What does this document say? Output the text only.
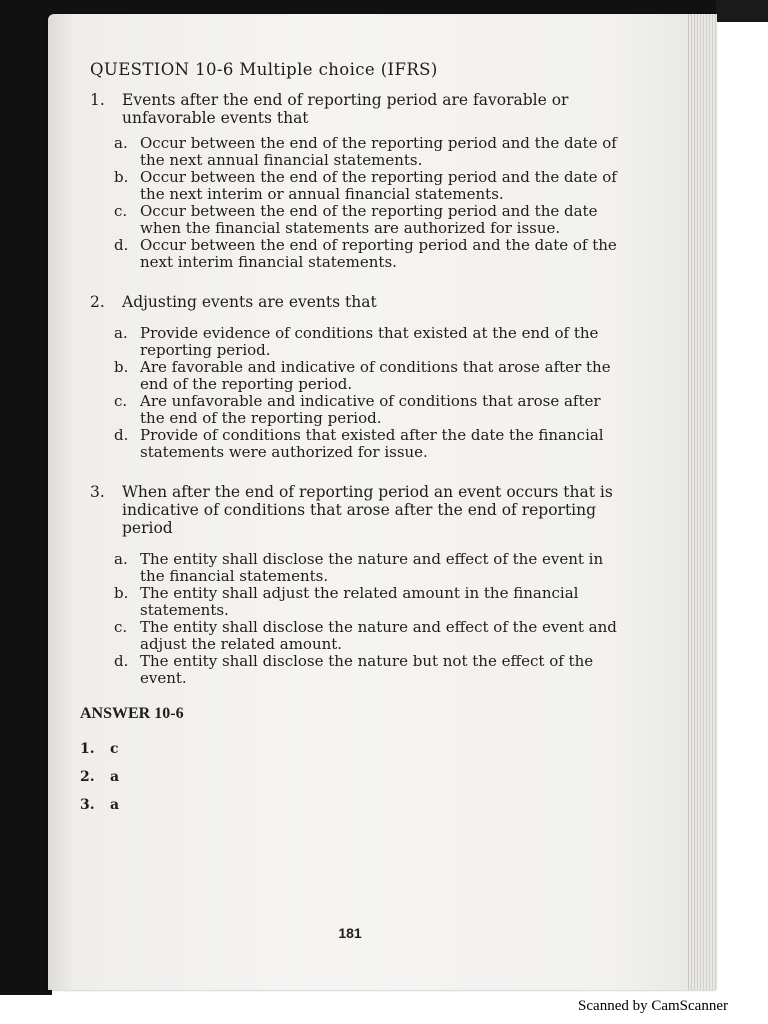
QUESTION 10-6 Multiple choice (IFRS)
1.	Events after the end of reporting period are favorable or unfavorable events that
a. Occur between the end of the reporting period and the date of the next annual financial statements.
b. Occur between the end of the reporting period and the date of the next interim or annual financial statements.
c. Occur between the end of the reporting period and the date when the financial statements are authorized for issue.
d. Occur between the end of reporting period and the date of the next interim financial statements.
2.	Adjusting events are events that
a. Provide evidence of conditions that existed at the end of the reporting period.
b. Are favorable and indicative of conditions that arose after the end of the reporting period.
c. Are unfavorable and indicative of conditions that arose after the end of the reporting period.
d. Provide of conditions that existed after the date the financial statements were authorized for issue.
3.	When after the end of reporting period an event occurs that is indicative of conditions that arose after the end of reporting period
a. The entity shall disclose the nature and effect of the event in the financial statements.
b. The entity shall adjust the related amount in the financial statements.
c. The entity shall disclose the nature and effect of the event and adjust the related amount.
d. The entity shall disclose the nature but not the effect of the event.
ANSWER 10-6
1.	c
2.	a
3.	a
181
Scanned by CamScanner
